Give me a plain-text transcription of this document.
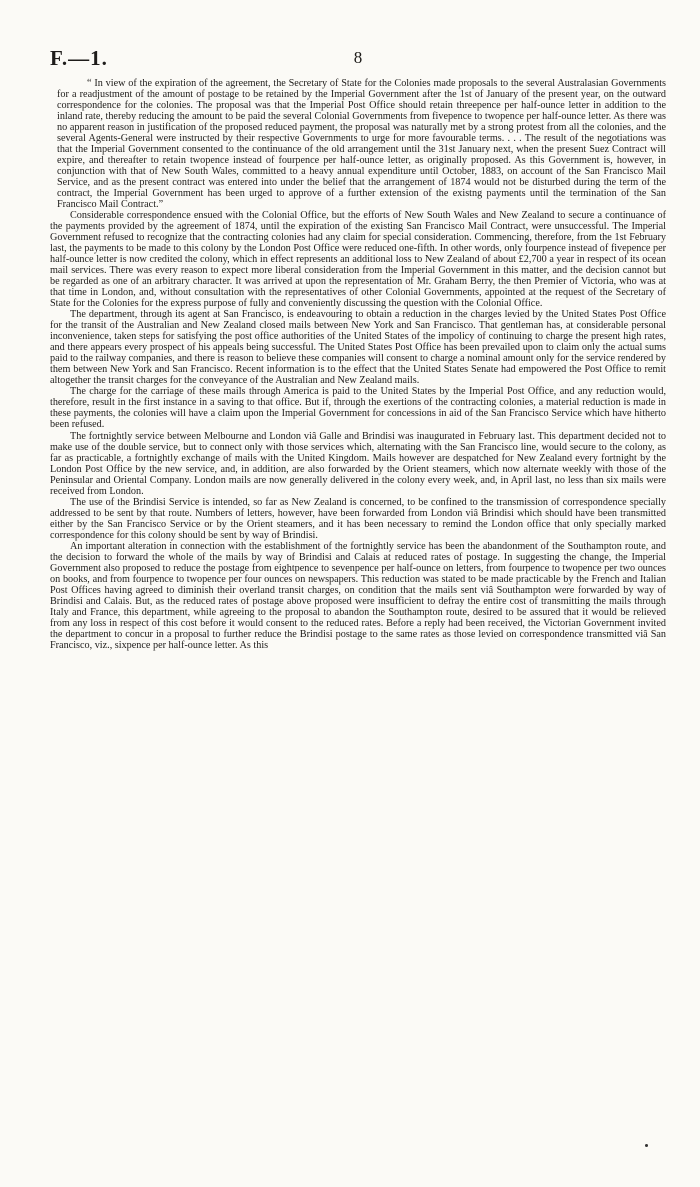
F.—1.	8

“ In view of the expiration of the agreement, the Secretary of State for the Colonies made proposals to the several Australasian Governments for a readjustment of the amount of postage to be retained by the Imperial Government after the 1st of January of the present year, on the outward correspondence for the colonies. The proposal was that the Imperial Post Office should retain threepence per half-ounce letter in addition to the inland rate, thereby reducing the amount to be paid the several Colonial Governments from fivepence to twopence per half-ounce letter. As there was no apparent reason in justification of the proposed reduced payment, the proposal was naturally met by a strong protest from all the colonies, and the several Agents-General were instructed by their respective Governments to urge for more favourable terms. . . . The result of the negotiations was that the Imperial Government consented to the continuance of the old arrangement until the 31st January next, when the present Suez Contract will expire, and thereafter to retain twopence instead of fourpence per half-ounce letter, as originally proposed. As this Government is, however, in conjunction with that of New South Wales, committed to a heavy annual expenditure until October, 1883, on account of the San Francisco Mail Service, and as the present contract was entered into under the belief that the arrangement of 1874 would not be disturbed during the term of the contract, the Imperial Government has been urged to approve of a further extension of the existng payments until the termination of the San Francisco Mail Contract.”

Considerable correspondence ensued with the Colonial Office, but the efforts of New South Wales and New Zealand to secure a continuance of the payments provided by the agreement of 1874, until the expiration of the existing San Francisco Mail Contract, were unsuccessful. The Imperial Government refused to recognize that the contracting colonies had any claim for special consideration. Commencing, therefore, from the 1st February last, the payments to be made to this colony by the London Post Office were reduced one-fifth. In other words, only fourpence instead of fivepence per half-ounce letter is now credited the colony, which in effect represents an additional loss to New Zealand of about £2,700 a year in respect of its ocean mail services. There was every reason to expect more liberal consideration from the Imperial Government in this matter, and the decision cannot but be regarded as one of an arbitrary character. It was arrived at upon the representation of Mr. Graham Berry, the then Premier of Victoria, who was at that time in London, and, without consultation with the representatives of other Colonial Governments, appointed at the request of the Secretary of State for the Colonies for the express purpose of fully and conveniently discussing the question with the Colonial Office.

The department, through its agent at San Francisco, is endeavouring to obtain a reduction in the charges levied by the United States Post Office for the transit of the Australian and New Zealand closed mails between New York and San Francisco. That gentleman has, at considerable personal inconvenience, taken steps for satisfying the post office authorities of the United States of the impolicy of continuing to charge the present high rates, and there appears every prospect of his appeals being successful. The United States Post Office has been prevailed upon to claim only the actual sums paid to the railway companies, and there is reason to believe these companies will consent to charge a nominal amount only for the service rendered by them between New York and San Francisco. Recent information is to the effect that the United States Senate had empowered the Post Office to remit altogether the transit charges for the conveyance of the Australian and New Zealand mails.

The charge for the carriage of these mails through America is paid to the United States by the Imperial Post Office, and any reduction would, therefore, result in the first instance in a saving to that office. But if, through the exertions of the contracting colonies, a material reduction is made in these payments, the colonies will have a claim upon the Imperial Government for concessions in aid of the San Francisco Service which have hitherto been refused.

The fortnightly service between Melbourne and London viâ Galle and Brindisi was inaugurated in February last. This department decided not to make use of the double service, but to connect only with those services which, alternating with the San Francisco line, would secure to the colony, as far as practicable, a fortnightly exchange of mails with the United Kingdom. Mails however are despatched for New Zealand every fortnight by the London Post Office by the new service, and, in addition, are also forwarded by the Orient steamers, which now alternate weekly with those of the Peninsular and Oriental Company. London mails are now generally delivered in the colony every week, and, in April last, no less than six mails were received from London.

The use of the Brindisi Service is intended, so far as New Zealand is concerned, to be confined to the transmission of correspondence specially addressed to be sent by that route. Numbers of letters, however, have been forwarded from London viâ Brindisi which should have been transmitted either by the San Francisco Service or by the Orient steamers, and it has been necessary to remind the London office that only specially marked correspondence for this colony should be sent by way of Brindisi.

An important alteration in connection with the establishment of the fortnightly service has been the abandonment of the Southampton route, and the decision to forward the whole of the mails by way of Brindisi and Calais at reduced rates of postage. In suggesting the change, the Imperial Government also proposed to reduce the postage from eightpence to sevenpence per half-ounce on letters, from fourpence to twopence per two ounces on books, and from fourpence to twopence per four ounces on newspapers. This reduction was stated to be made practicable by the French and Italian Post Offices having agreed to diminish their overland transit charges, on condition that the mails sent viâ Southampton were forwarded by way of Brindisi and Calais. But, as the reduced rates of postage above proposed were insufficient to defray the entire cost of transmitting the mails through Italy and France, this department, while agreeing to the proposal to abandon the Southampton route, desired to be assured that it would be relieved from any loss in respect of this cost before it would consent to the reduced rates. Before a reply had been received, the Victorian Government invited the department to concur in a proposal to further reduce the Brindisi postage to the same rates as those levied on correspondence transmitted viâ San Francisco, viz., sixpence per half-ounce letter. As this
